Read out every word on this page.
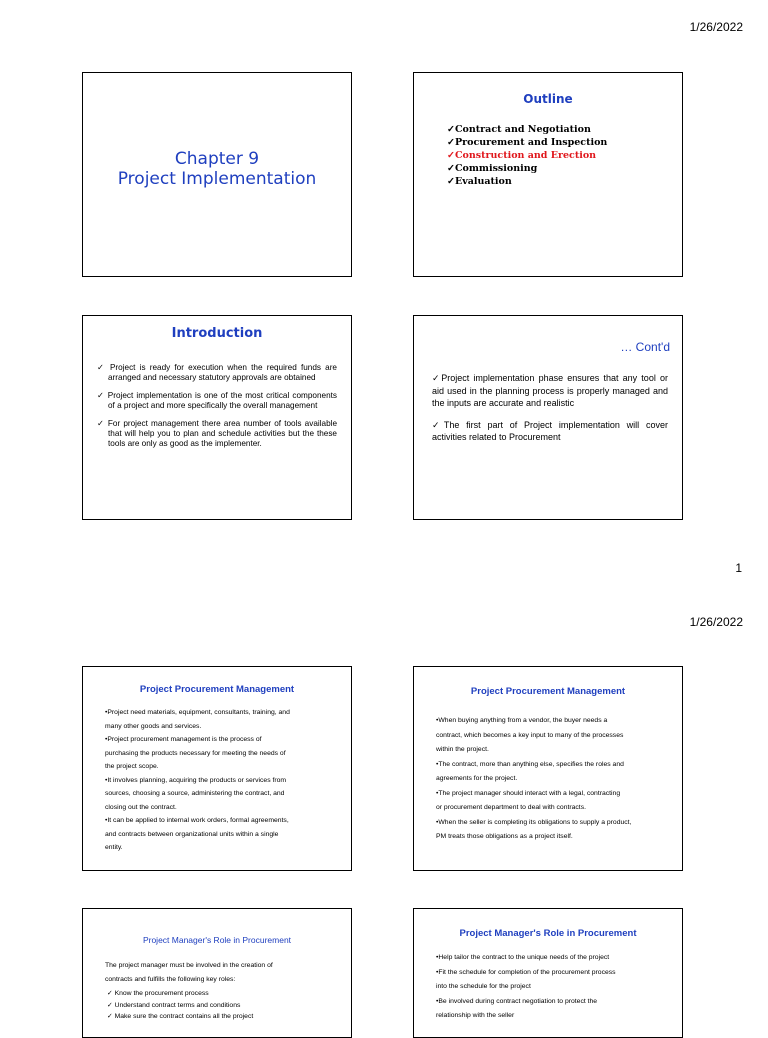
1/26/2022
Chapter 9
Project Implementation
Outline
✓Contract and Negotiation
✓Procurement and Inspection
✓Construction and Erection
✓Commissioning
✓Evaluation
Introduction
✓ Project is ready for execution when the required funds are arranged and necessary statutory approvals are obtained
✓ Project implementation is one of the most critical components of a project and more specifically the overall management
✓ For project management there area number of tools available that will help you to plan and schedule activities but the these tools are only as good as the implementer.
… Cont'd
✓Project implementation phase ensures that any tool or aid used in the planning process is properly managed and the inputs are accurate and realistic
✓The first part of Project implementation will cover activities related to Procurement
1
1/26/2022
Project Procurement Management
•Project need materials, equipment, consultants, training, and
many other goods and services.
•Project procurement management is the process of
purchasing the products necessary for meeting the needs of
the project scope.
•It involves planning, acquiring the products or services from
sources, choosing a source, administering the contract, and
closing out the contract.
•It can be applied to internal work orders, formal agreements,
and contracts between organizational units within a single
entity.
Project Procurement Management
•When buying anything from a vendor, the buyer needs a
contract, which becomes a key input to many of the processes
within the project.
•The contract, more than anything else, specifies the roles and
agreements for the project.
•The project manager should interact with a legal, contracting
or procurement department to deal with contracts.
•When the seller is completing its obligations to supply a product,
PM treats those obligations as a project itself.
Project Manager's Role in Procurement
The project manager must be involved in the creation of
contracts and fulfills the following key roles:
✓ Know the procurement process
✓ Understand contract terms and conditions
✓ Make sure the contract contains all the project
Project Manager's Role in Procurement
•Help tailor the contract to the unique needs of the project
•Fit the schedule for completion of the procurement process
into the schedule for the project
•Be involved during contract negotiation to protect the
relationship with the seller
